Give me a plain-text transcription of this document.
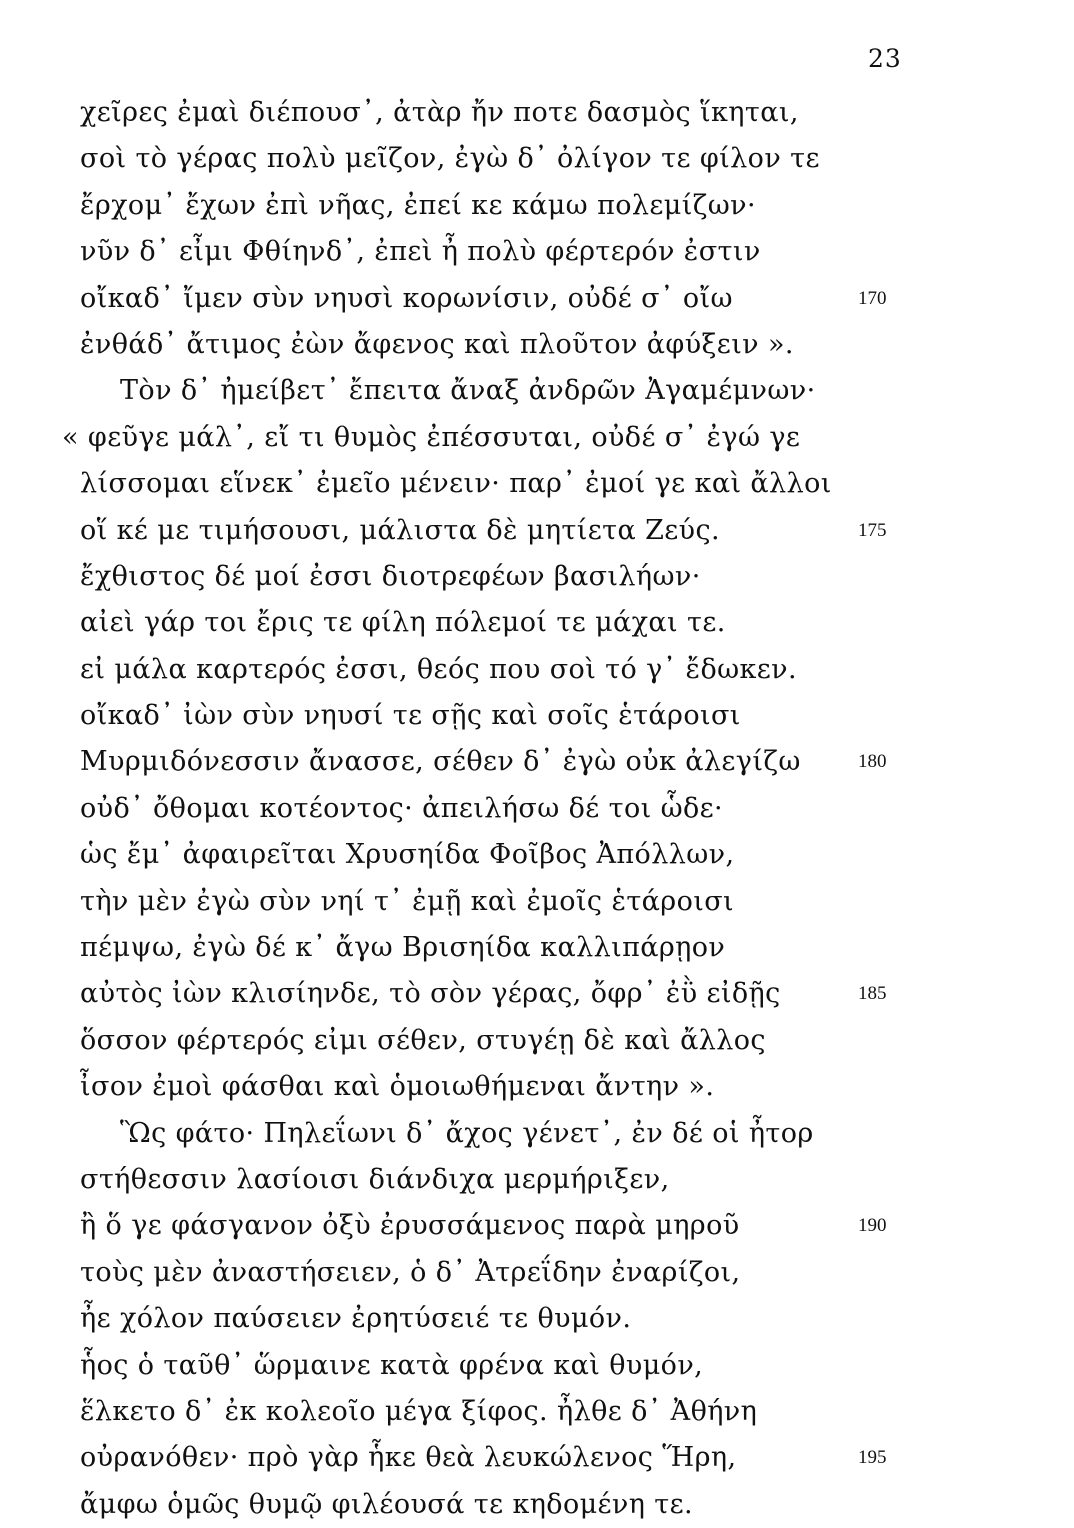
23
χεῖρες ἐμαὶ διέπουσ᾽, ἀτὰρ ἤν ποτε δασμὸς ἵκηται,
σοὶ τὸ γέρας πολὺ μεῖζον, ἐγὼ δ᾽ ὀλίγον τε φίλον τε
ἔρχομ᾽ ἔχων ἐπὶ νῆας, ἐπεί κε κάμω πολεμίζων·
νῦν δ᾽ εἶμι Φθίηνδ᾽, ἐπεὶ ἦ πολὺ φέρτερόν ἐστιν
οἴκαδ᾽ ἴμεν σὺν νηυσὶ κορωνίσιν, οὐδέ σ᾽ οἴω	170
ἐνθάδ᾽ ἄτιμος ἐὼν ἄφενος καὶ πλοῦτον ἀφύξειν ».
Τὸν δ᾽ ἠμείβετ᾽ ἔπειτα ἄναξ ἀνδρῶν Ἀγαμέμνων·
« φεῦγε μάλ᾽, εἴ τι θυμὸς ἐπέσσυται, οὐδέ σ᾽ ἐγώ γε
λίσσομαι εἵνεκ᾽ ἐμεῖο μένειν· παρ᾽ ἐμοί γε καὶ ἄλλοι
οἵ κέ με τιμήσουσι, μάλιστα δὲ μητίετα Ζεύς.	175
ἔχθιστος δέ μοί ἐσσι διοτρεφέων βασιλήων·
αἰεὶ γάρ τοι ἔρις τε φίλη πόλεμοί τε μάχαι τε.
εἰ μάλα καρτερός ἐσσι, θεός που σοὶ τό γ᾽ ἔδωκεν.
οἴκαδ᾽ ἰὼν σὺν νηυσί τε σῇς καὶ σοῖς ἑτάροισι
Μυρμιδόνεσσιν ἄνασσε, σέθεν δ᾽ ἐγὼ οὐκ ἀλεγίζω	180
οὐδ᾽ ὄθομαι κοτέοντος· ἀπειλήσω δέ τοι ὧδε·
ὡς ἔμ᾽ ἀφαιρεῖται Χρυσηίδα Φοῖβος Ἀπόλλων,
τὴν μὲν ἐγὼ σὺν νηί τ᾽ ἐμῇ καὶ ἐμοῖς ἑτάροισι
πέμψω, ἐγὼ δέ κ᾽ ἄγω Βρισηίδα καλλιπάρῃον
αὐτὸς ἰὼν κλισίηνδε, τὸ σὸν γέρας, ὄφρ᾽ ἐῢ εἰδῇς	185
ὅσσον φέρτερός εἰμι σέθεν, στυγέῃ δὲ καὶ ἄλλος
ἶσον ἐμοὶ φάσθαι καὶ ὁμοιωθήμεναι ἄντην ».
Ὣς φάτο· Πηλεΐωνι δ᾽ ἄχος γένετ᾽, ἐν δέ οἱ ἦτορ
στήθεσσιν λασίοισι διάνδιχα μερμήριξεν,
ἢ ὅ γε φάσγανον ὀξὺ ἐρυσσάμενος παρὰ μηροῦ	190
τοὺς μὲν ἀναστήσειεν, ὁ δ᾽ Ἀτρεΐδην ἐναρίζοι,
ἦε χόλον παύσειεν ἐρητύσειέ τε θυμόν.
ἧος ὁ ταῦθ᾽ ὥρμαινε κατὰ φρένα καὶ θυμόν,
ἕλκετο δ᾽ ἐκ κολεοῖο μέγα ξίφος. ἦλθε δ᾽ Ἀθήνη
οὐρανόθεν· πρὸ γὰρ ἧκε θεὰ λευκώλενος Ἥρη,	195
ἄμφω ὁμῶς θυμῷ φιλέουσά τε κηδομένη τε.
